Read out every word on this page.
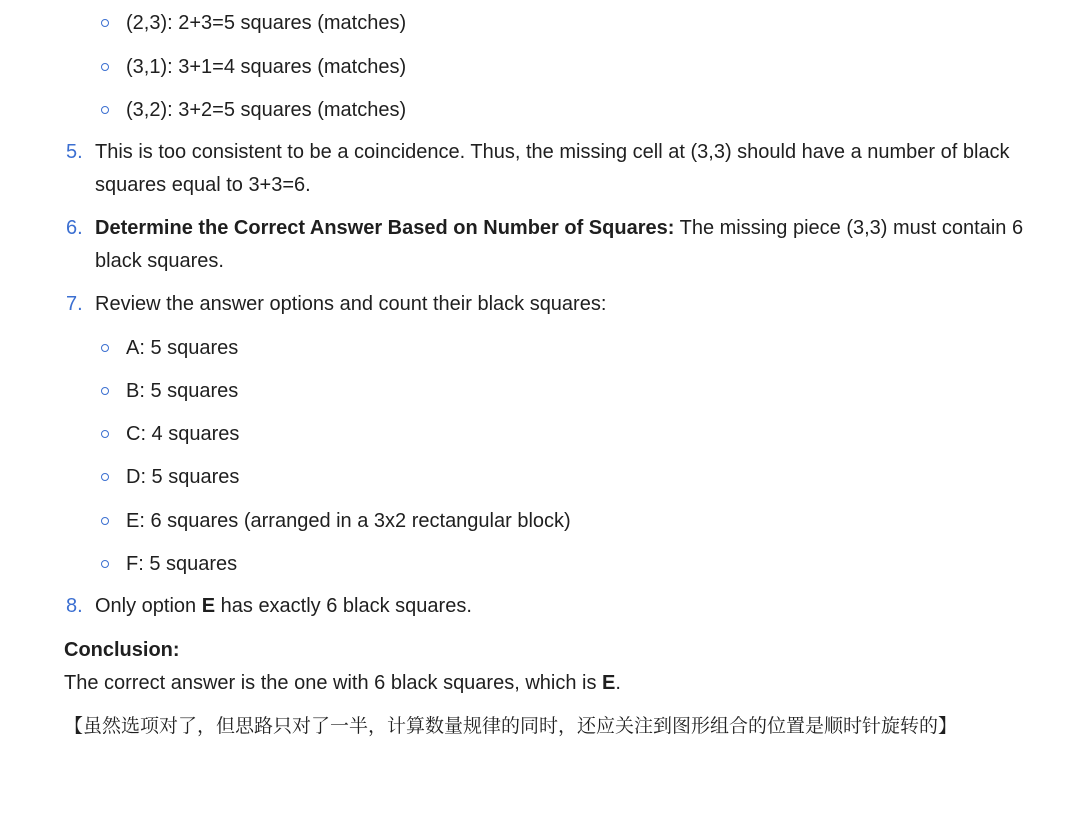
(2,3): 2+3=5 squares (matches)
(3,1): 3+1=4 squares (matches)
(3,2): 3+2=5 squares (matches)
5. This is too consistent to be a coincidence. Thus, the missing cell at (3,3) should have a number of black squares equal to 3+3=6.
6. Determine the Correct Answer Based on Number of Squares: The missing piece (3,3) must contain 6 black squares.
7. Review the answer options and count their black squares:
A: 5 squares
B: 5 squares
C: 4 squares
D: 5 squares
E: 6 squares (arranged in a 3x2 rectangular block)
F: 5 squares
8. Only option E has exactly 6 black squares.
Conclusion:
The correct answer is the one with 6 black squares, which is E.
【虽然选项对了，但思路只对了一半，计算数量规律的同时，还应关注到图形组合的位置是顺时针旋转的】
